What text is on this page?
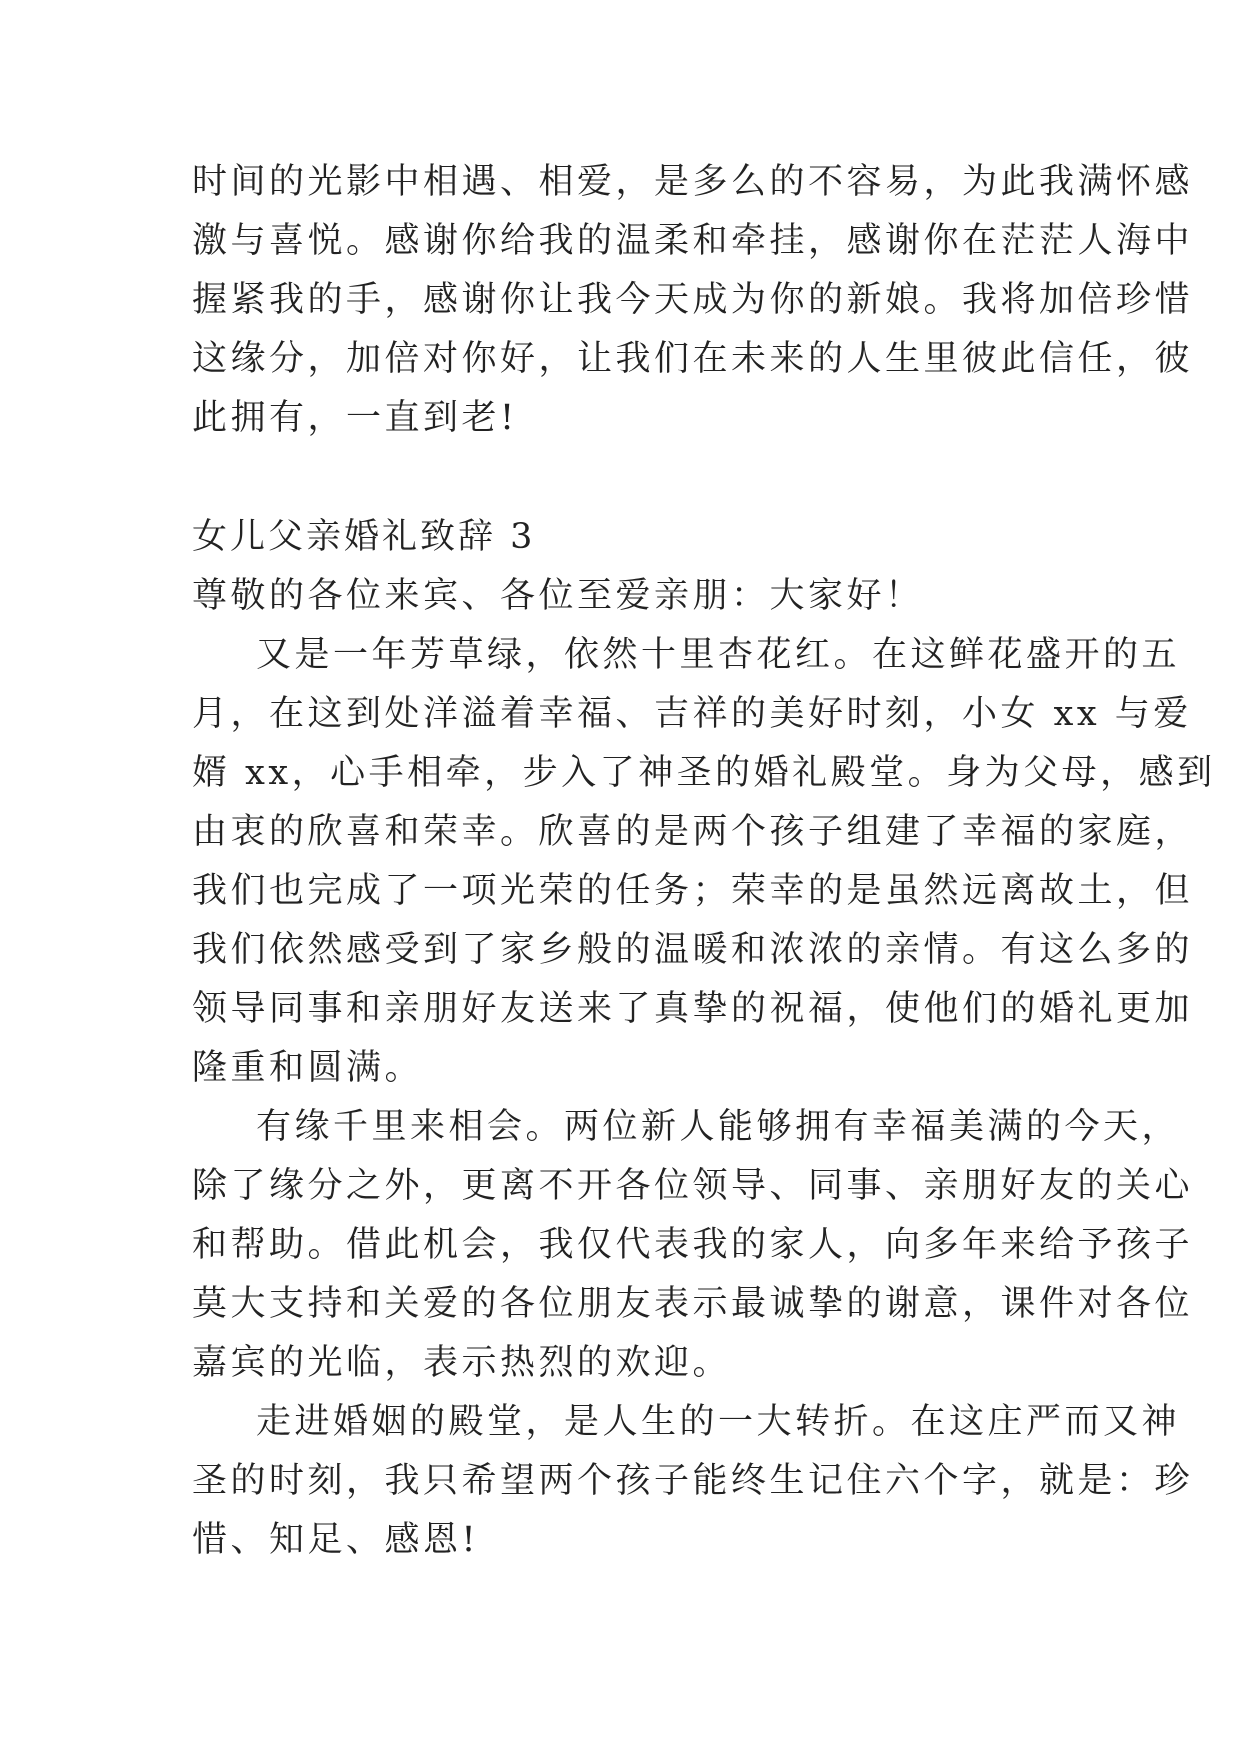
时间的光影中相遇、相爱，是多么的不容易，为此我满怀感
激与喜悦。感谢你给我的温柔和牵挂，感谢你在茫茫人海中
握紧我的手，感谢你让我今天成为你的新娘。我将加倍珍惜
这缘分，加倍对你好，让我们在未来的人生里彼此信任，彼
此拥有，一直到老!
女儿父亲婚礼致辞 3
尊敬的各位来宾、各位至爱亲朋：大家好！
又是一年芳草绿，依然十里杏花红。在这鲜花盛开的五
月，在这到处洋溢着幸福、吉祥的美好时刻，小女 xx 与爱
婿 xx，心手相牵，步入了神圣的婚礼殿堂。身为父母，感到
由衷的欣喜和荣幸。欣喜的是两个孩子组建了幸福的家庭，
我们也完成了一项光荣的任务；荣幸的是虽然远离故土，但
我们依然感受到了家乡般的温暖和浓浓的亲情。有这么多的
领导同事和亲朋好友送来了真挚的祝福，使他们的婚礼更加
隆重和圆满。
有缘千里来相会。两位新人能够拥有幸福美满的今天，
除了缘分之外，更离不开各位领导、同事、亲朋好友的关心
和帮助。借此机会，我仅代表我的家人，向多年来给予孩子
莫大支持和关爱的各位朋友表示最诚挚的谢意，课件对各位
嘉宾的光临，表示热烈的欢迎。
走进婚姻的殿堂，是人生的一大转折。在这庄严而又神
圣的时刻，我只希望两个孩子能终生记住六个字，就是：珍
惜、知足、感恩!
